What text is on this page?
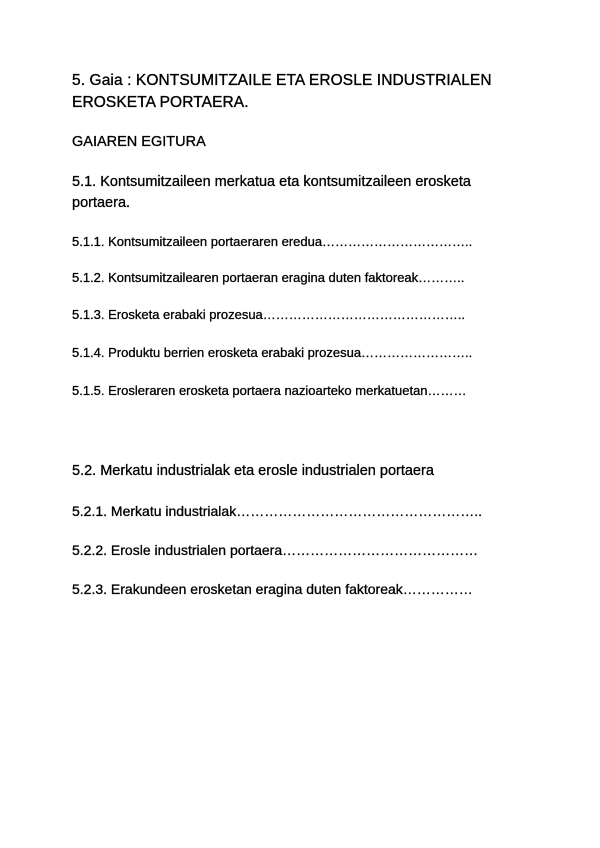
5. Gaia : KONTSUMITZAILE ETA EROSLE INDUSTRIALEN
EROSKETA PORTAERA.
GAIAREN EGITURA
5.1. Kontsumitzaileen merkatua eta kontsumitzaileen erosketa
portaera.
5.1.1. Kontsumitzaileen portaeraren eredua……………………………..
5.1.2. Kontsumitzailearen portaeran eragina duten faktoreak………..
5.1.3. Erosketa erabaki prozesua………………………………………..
5.1.4. Produktu berrien erosketa erabaki prozesua……………………..
5.1.5. Erosleraren erosketa portaera nazioarteko merkatuetan………
5.2. Merkatu industrialak eta erosle industrialen portaera
5.2.1. Merkatu industrialak……………………………………………..
5.2.2. Erosle industrialen portaera……………………………………
5.2.3. Erakundeen erosketan eragina duten faktoreak……………
